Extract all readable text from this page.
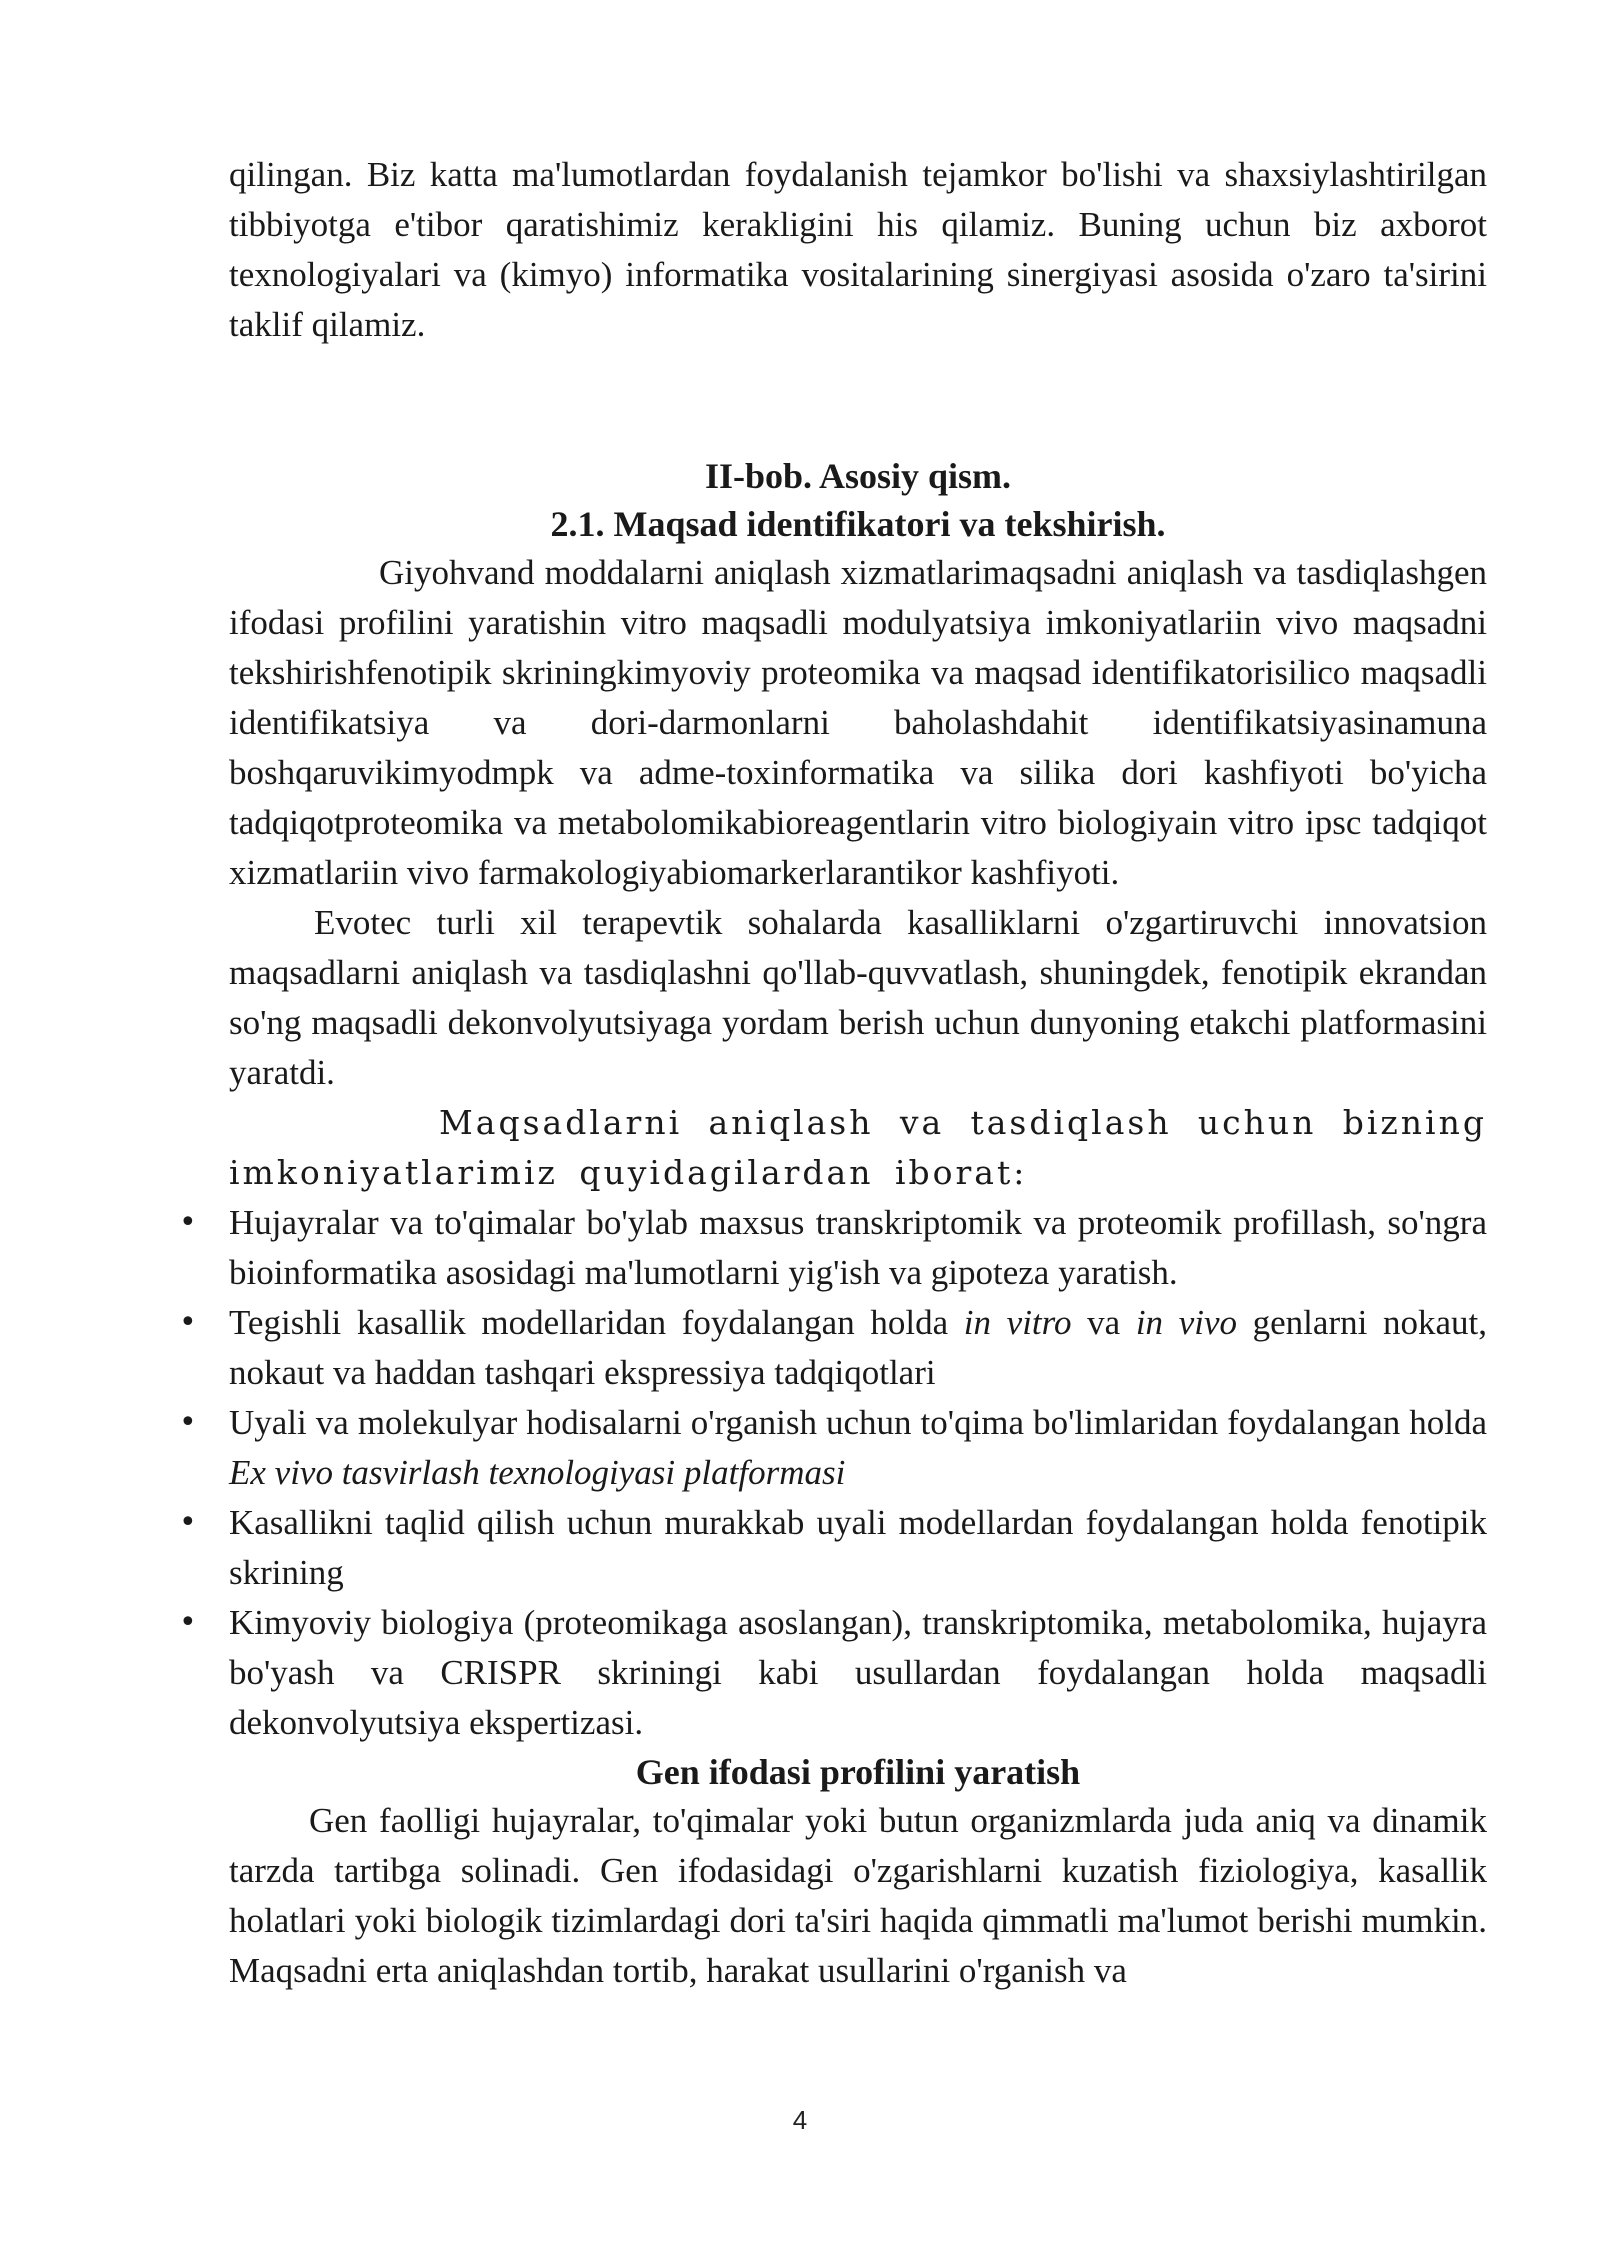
qilingan. Biz katta ma'lumotlardan foydalanish tejamkor bo'lishi va shaxsiylashtirilgan tibbiyotga e'tibor qaratishimiz kerakligini his qilamiz. Buning uchun biz axborot texnologiyalari va (kimyo) informatika vositalarining sinergiyasi asosida o'zaro ta'sirini taklif qilamiz.

II-bob. Asosiy qism.
2.1. Maqsad identifikatori va tekshirish.

Giyohvand moddalarni aniqlash xizmatlarimaqsadni aniqlash va tasdiqlashgen ifodasi profilini yaratishin vitro maqsadli modulyatsiya imkoniyatlariin vivo maqsadni tekshirishfenotipik skriningkimyoviy proteomika va maqsad identifikatorisilico maqsadli identifikatsiya va dori-darmonlarni baholashdahit identifikatsiyasinamuna boshqaruvikimyodmpk va adme-toxinformatika va silika dori kashfiyoti bo'yicha tadqiqotproteomika va metabolomikabioreagentlarin vitro biologiyain vitro ipsc tadqiqot xizmatlariin vivo farmakologiyabiomarkerlarantikor kashfiyoti.

Evotec turli xil terapevtik sohalarda kasalliklarni o'zgartiruvchi innovatsion maqsadlarni aniqlash va tasdiqlashni qo'llab-quvvatlash, shuningdek, fenotipik ekrandan so'ng maqsadli dekonvolyutsiyaga yordam berish uchun dunyoning etakchi platformasini yaratdi.

Maqsadlarni aniqlash va tasdiqlash uchun bizning imkoniyatlarimiz quyidagilardan iborat:

• Hujayralar va to'qimalar bo'ylab maxsus transkriptomik va proteomik profillash, so'ngra bioinformatika asosidagi ma'lumotlarni yig'ish va gipoteza yaratish.
• Tegishli kasallik modellaridan foydalangan holda in vitro va in vivo genlarni nokaut, nokaut va haddan tashqari ekspressiya tadqiqotlari
• Uyali va molekulyar hodisalarni o'rganish uchun to'qima bo'limlaridan foydalangan holda Ex vivo tasvirlash texnologiyasi platformasi
• Kasallikni taqlid qilish uchun murakkab uyali modellardan foydalangan holda fenotipik skrining
• Kimyoviy biologiya (proteomikaga asoslangan), transkriptomika, metabolomika, hujayra bo'yash va CRISPR skriningi kabi usullardan foydalangan holda maqsadli dekonvolyutsiya ekspertizasi.
Gen ifodasi profilini yaratish

Gen faolligi hujayralar, to'qimalar yoki butun organizmlarda juda aniq va dinamik tarzda tartibga solinadi. Gen ifodasidagi o'zgarishlarni kuzatish fiziologiya, kasallik holatlari yoki biologik tizimlardagi dori ta'siri haqida qimmatli ma'lumot berishi mumkin. Maqsadni erta aniqlashdan tortib, harakat usullarini o'rganish va

4
